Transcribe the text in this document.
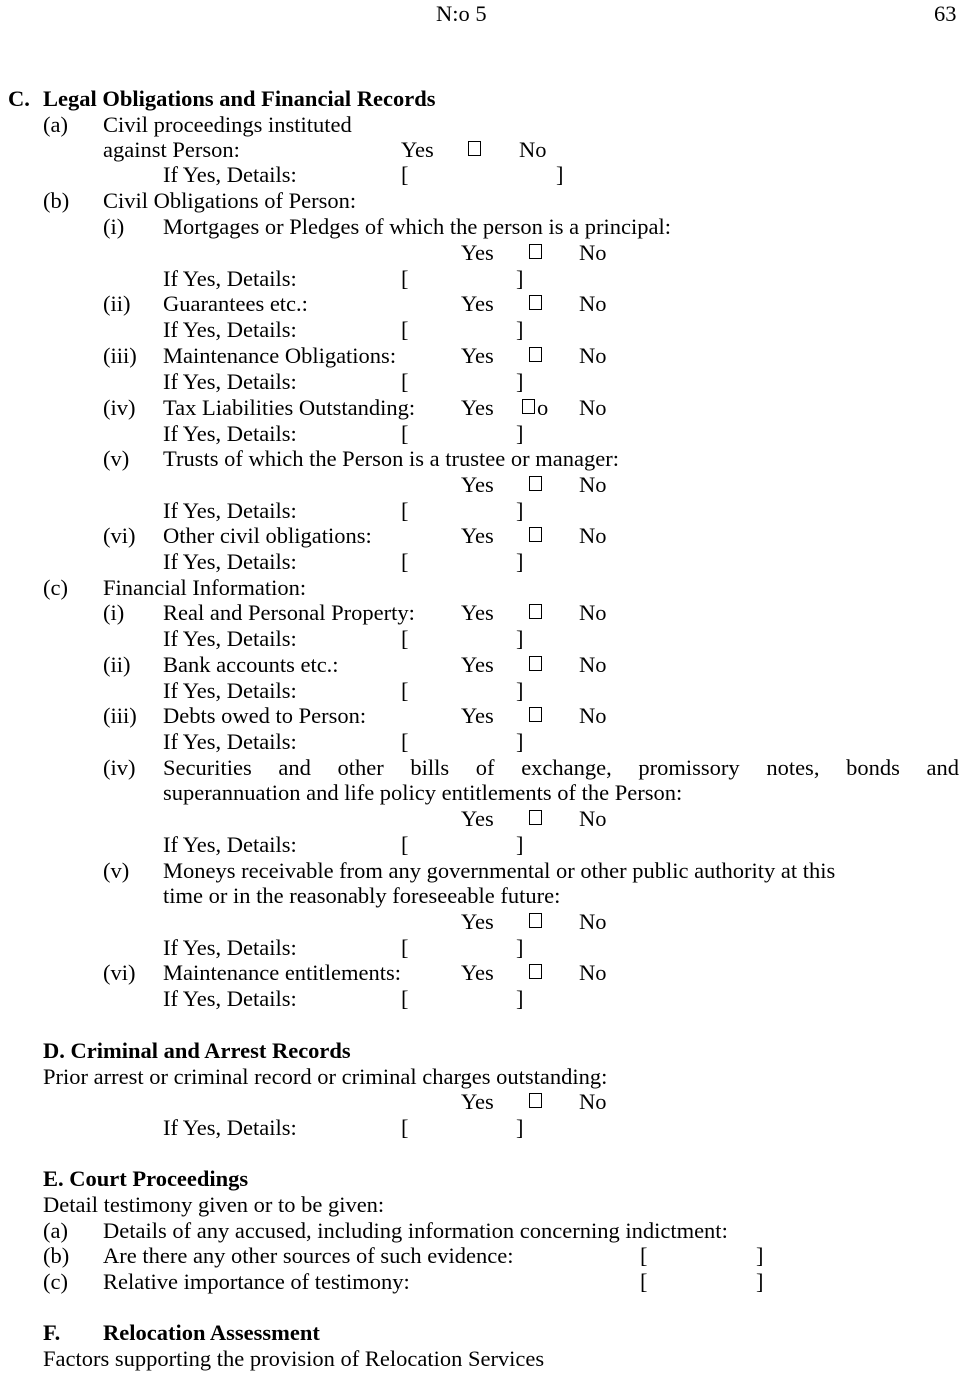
N:o 5	63
C. Legal Obligations and Financial Records
(a) Civil proceedings instituted
against Person:	Yes	No
If Yes, Details:	[	]
(b) Civil Obligations of Person:
(i) Mortgages or Pledges of which the person is a principal:
Yes	No
If Yes, Details:	[	]
(ii) Guarantees etc.:	Yes	No
If Yes, Details:	[	]
(iii) Maintenance Obligations:	Yes	No
If Yes, Details:	[	]
(iv) Tax Liabilities Outstanding: Yes o No
If Yes, Details:	[	]
(v) Trusts of which the Person is a trustee or manager:
Yes	No
If Yes, Details:	[	]
(vi) Other civil obligations:	Yes	No
If Yes, Details:	[	]
(c) Financial Information:
(i) Real and Personal Property: Yes	No
If Yes, Details:	[	]
(ii) Bank accounts etc.:	Yes	No
If Yes, Details:	[	]
(iii) Debts owed to Person:	Yes	No
If Yes, Details:	[	]
(iv) Securities and other bills of exchange, promissory notes, bonds and
superannuation and life policy entitlements of the Person:
Yes	No
If Yes, Details:	[	]
(v) Moneys receivable from any governmental or other public authority at this
time or in the reasonably foreseeable future:
Yes	No
If Yes, Details:	[	]
(vi) Maintenance entitlements:	Yes	No
If Yes, Details:	[	]
D. Criminal and Arrest Records
Prior arrest or criminal record or criminal charges outstanding:
Yes	No
If Yes, Details:	[	]
E. Court Proceedings
Detail testimony given or to be given:
(a) Details of any accused, including information concerning indictment:
(b) Are there any other sources of such evidence:	[	]
(c) Relative importance of testimony:	[	]
F. Relocation Assessment
Factors supporting the provision of Relocation Services
